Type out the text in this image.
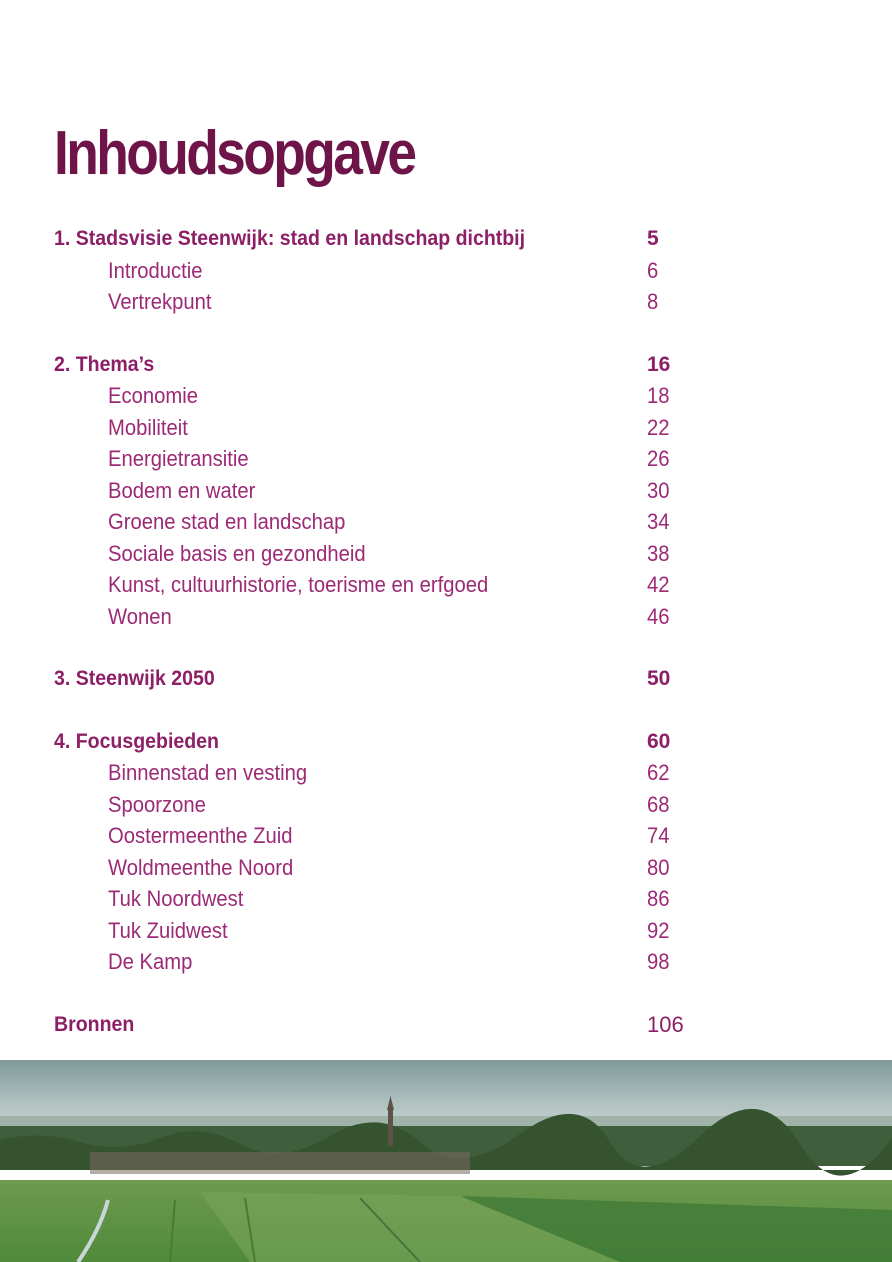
Inhoudsopgave
1. Stadsvisie Steenwijk: stad en landschap dichtbij	5
Introductie	6
Vertrekpunt	8
2. Thema’s	16
Economie	18
Mobiliteit	22
Energietransitie	26
Bodem en water	30
Groene stad en landschap	34
Sociale basis en gezondheid	38
Kunst, cultuurhistorie, toerisme en erfgoed	42
Wonen	46
3. Steenwijk 2050	50
4. Focusgebieden	60
Binnenstad en vesting	62
Spoorzone	68
Oostermeenthe Zuid	74
Woldmeenthe Noord	80
Tuk Noordwest	86
Tuk Zuidwest	92
De Kamp	98
Bronnen	106
